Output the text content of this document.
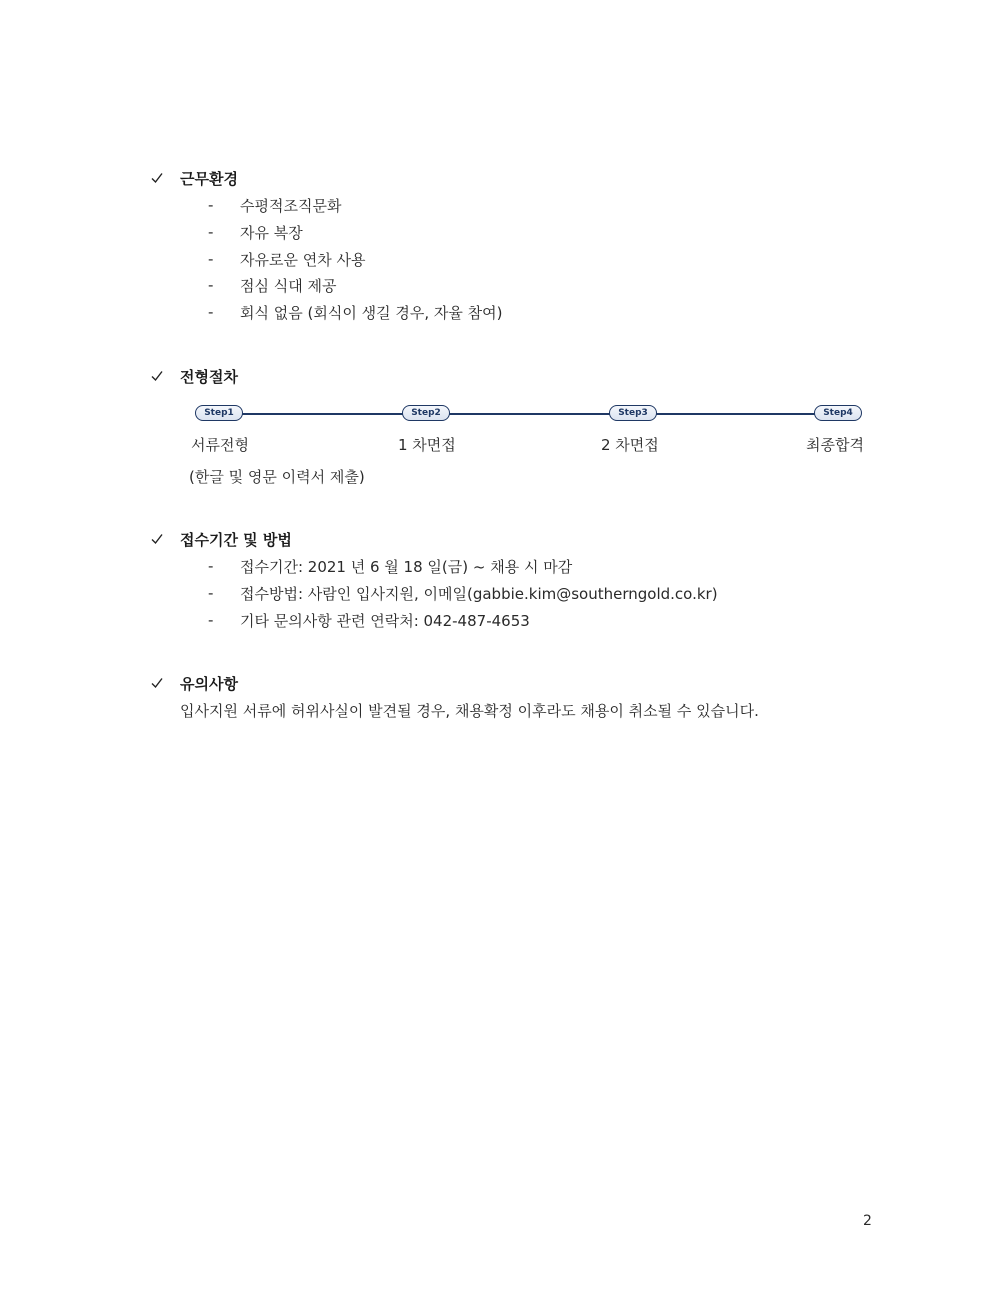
근무환경
-	수평적조직문화
-	자유 복장
-	자유로운 연차 사용
-	점심 식대 제공
-	회식 없음 (회식이 생길 경우, 자율 참여)
전형절차
Step1	Step2	Step3	Step4
서류전형	1 차면접	2 차면접	최종합격
(한글 및 영문 이력서 제출)
접수기간 및 방법
-	접수기간: 2021 년 6 월 18 일(금) ~ 채용 시 마감
-	접수방법: 사람인 입사지원, 이메일(gabbie.kim@southerngold.co.kr)
-	기타 문의사항 관련 연락처: 042-487-4653
유의사항
입사지원 서류에 허위사실이 발견될 경우, 채용확정 이후라도 채용이 취소될 수 있습니다.
2
